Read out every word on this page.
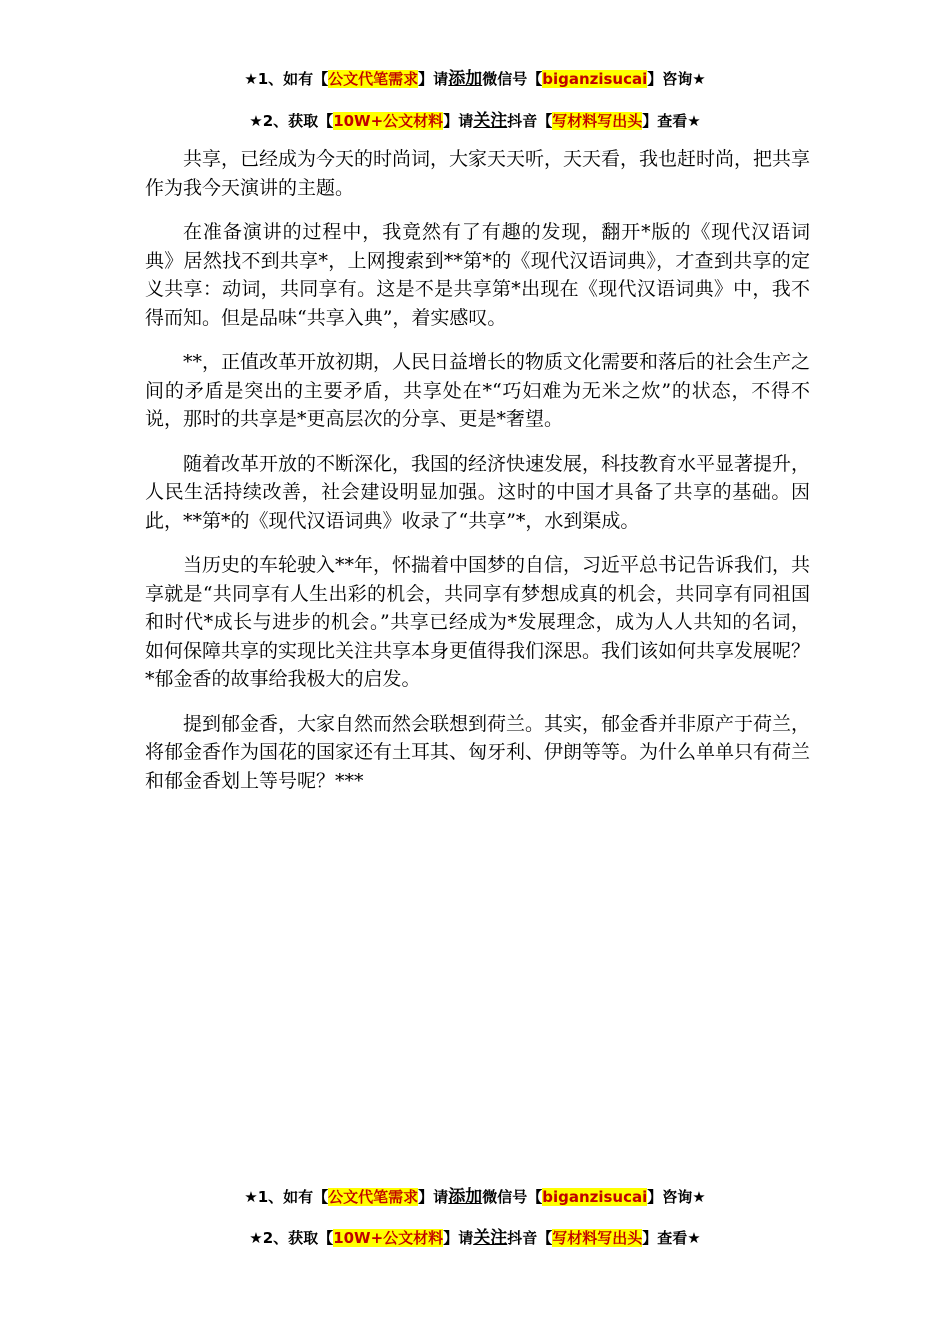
★1、如有【公文代笔需求】请添加微信号【biganzisucai】咨询★
★2、获取【10W+公文材料】请关注抖音【写材料写出头】查看★

共享，已经成为今天的时尚词，大家天天听，天天看，我也赶时尚，把共享作为我今天演讲的主题。

在准备演讲的过程中，我竟然有了有趣的发现，翻开*版的《现代汉语词典》居然找不到共享*，上网搜索到**第*的《现代汉语词典》，才查到共享的定义共享：动词，共同享有。这是不是共享第*出现在《现代汉语词典》中，我不得而知。但是品味“共享入典”，着实感叹。

**，正值改革开放初期，人民日益增长的物质文化需要和落后的社会生产之间的矛盾是突出的主要矛盾，共享处在*“巧妇难为无米之炊”的状态，不得不说，那时的共享是*更高层次的分享、更是*奢望。

随着改革开放的不断深化，我国的经济快速发展，科技教育水平显著提升，人民生活持续改善，社会建设明显加强。这时的中国才具备了共享的基础。因此，**第*的《现代汉语词典》收录了“共享”*，水到渠成。

当历史的车轮驶入**年，怀揣着中国梦的自信，习近平总书记告诉我们，共享就是“共同享有人生出彩的机会，共同享有梦想成真的机会，共同享有同祖国和时代*成长与进步的机会。”共享已经成为*发展理念，成为人人共知的名词，如何保障共享的实现比关注共享本身更值得我们深思。我们该如何共享发展呢？*郁金香的故事给我极大的启发。

提到郁金香，大家自然而然会联想到荷兰。其实，郁金香并非原产于荷兰，将郁金香作为国花的国家还有土耳其、匈牙利、伊朗等等。为什么单单只有荷兰和郁金香划上等号呢？***

★1、如有【公文代笔需求】请添加微信号【biganzisucai】咨询★
★2、获取【10W+公文材料】请关注抖音【写材料写出头】查看★
